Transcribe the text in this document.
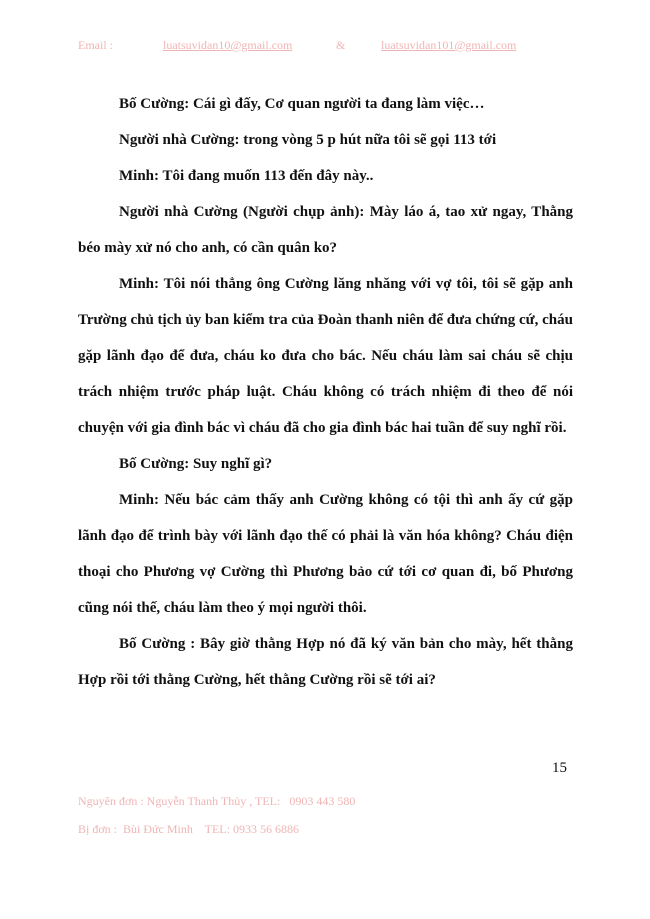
Email :	luatsuvidan10@gmail.com	&	luatsuvidan101@gmail.com

Bố Cường: Cái gì đấy, Cơ quan người ta đang làm việc…

Người nhà Cường: trong vòng 5 p hút nữa tôi sẽ gọi 113 tới

Minh: Tôi đang muốn 113 đến đây này..

Người nhà Cường (Người chụp ảnh): Mày láo á, tao xử ngay, Thằng béo mày xử nó cho anh, có cần quân ko?

Minh: Tôi nói thẳng ông Cường lăng nhăng với vợ tôi, tôi sẽ gặp anh Trường chủ tịch ủy ban kiểm tra của Đoàn thanh niên để đưa chứng cứ, cháu gặp lãnh đạo để đưa, cháu ko đưa cho bác. Nếu cháu làm sai cháu sẽ chịu trách nhiệm trước pháp luật. Cháu không có trách nhiệm đi theo để nói chuyện với gia đình bác vì cháu đã cho gia đình bác hai tuần để suy nghĩ rồi.

Bố Cường: Suy nghĩ gì?

Minh: Nếu bác cảm thấy anh Cường không có tội thì anh ấy cứ gặp lãnh đạo để trình bày với lãnh đạo thế có phải là văn hóa không? Cháu điện thoại cho Phương vợ Cường thì Phương bảo cứ tới cơ quan đi, bố Phương cũng nói thế, cháu làm theo ý mọi người thôi.

Bố Cường : Bây giờ thằng Hợp nó đã ký văn bản cho mày, hết thằng Hợp rồi tới thằng Cường, hết thằng Cường rồi sẽ tới ai?

15
Nguyên đơn : Nguyễn Thanh Thủy , TEL:   0903 443 580
Bị đơn :  Bùi Đức Minh    TEL: 0933 56 6886
